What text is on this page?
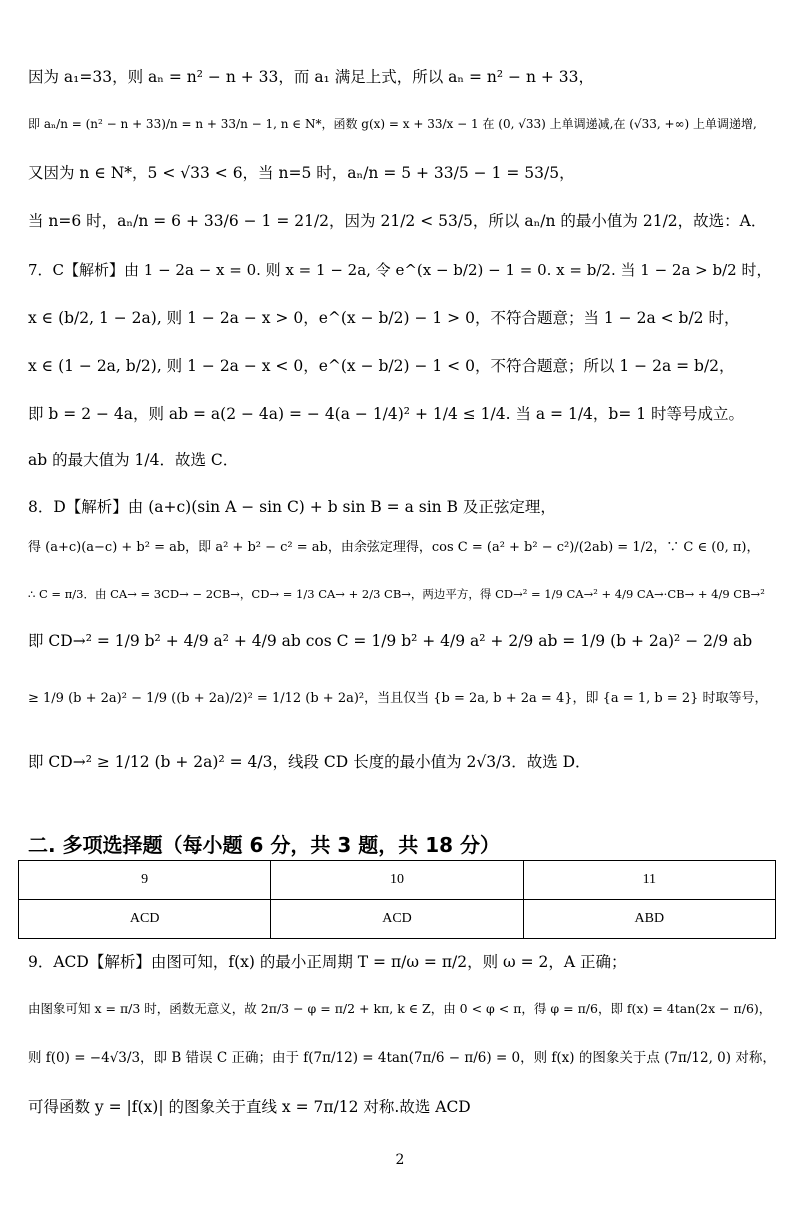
因为 a₁=33，则 aₙ = n² − n + 33，而 a₁ 满足上式，所以 aₙ = n² − n + 33，
即 aₙ/n = (n² − n + 33)/n = n + 33/n − 1, n ∈ N*，函数 g(x) = x + 33/x − 1 在 (0, √33) 上单调递减,在 (√33, +∞) 上单调递增,
又因为 n ∈ N*，5 < √33 < 6，当 n=5 时，aₙ/n = 5 + 33/5 − 1 = 53/5，
当 n=6 时，aₙ/n = 6 + 33/6 − 1 = 21/2，因为 21/2 < 53/5，所以 aₙ/n 的最小值为 21/2，故选：A．
7．C【解析】由 1 − 2a − x = 0. 则 x = 1 − 2a, 令 e^(x − b/2) − 1 = 0. x = b/2. 当 1 − 2a > b/2 时，
x ∈ (b/2, 1 − 2a), 则 1 − 2a − x > 0，e^(x − b/2) − 1 > 0，不符合题意；当 1 − 2a < b/2 时，
x ∈ (1 − 2a, b/2), 则 1 − 2a − x < 0，e^(x − b/2) − 1 < 0，不符合题意；所以 1 − 2a = b/2，
即 b = 2 − 4a，则 ab = a(2 − 4a) = − 4(a − 1/4)² + 1/4 ≤ 1/4. 当 a = 1/4，b= 1 时等号成立。
ab 的最大值为 1/4．故选 C．
8．D【解析】由 (a+c)(sin A − sin C) + b sin B = a sin B 及正弦定理，
得 (a+c)(a−c) + b² = ab，即 a² + b² − c² = ab，由余弦定理得，cos C = (a² + b² − c²)/(2ab) = 1/2，∵ C ∈ (0, π)，
∴ C = π/3．由 CA→ = 3CD→ − 2CB→，CD→ = 1/3 CA→ + 2/3 CB→，两边平方，得 CD→² = 1/9 CA→² + 4/9 CA→·CB→ + 4/9 CB→²
即 CD→² = 1/9 b² + 4/9 a² + 4/9 ab cos C = 1/9 b² + 4/9 a² + 2/9 ab = 1/9 (b + 2a)² − 2/9 ab
≥ 1/9 (b + 2a)² − 1/9 ((b + 2a)/2)² = 1/12 (b + 2a)²，当且仅当 {b = 2a, b + 2a = 4}，即 {a = 1, b = 2} 时取等号，
即 CD→² ≥ 1/12 (b + 2a)² = 4/3，线段 CD 长度的最小值为 2√3/3．故选 D．
二. 多项选择题（每小题 6 分，共 3 题，共 18 分）
9	10	11
ACD	ACD	ABD
9．ACD【解析】由图可知，f(x) 的最小正周期 T = π/ω = π/2，则 ω = 2，A 正确；
由图象可知 x = π/3 时，函数无意义，故 2π/3 − φ = π/2 + kπ, k ∈ Z，由 0 < φ < π，得 φ = π/6，即 f(x) = 4tan(2x − π/6)，
则 f(0) = −4√3/3，即 B 错误 C 正确；由于 f(7π/12) = 4tan(7π/6 − π/6) = 0，则 f(x) 的图象关于点 (7π/12, 0) 对称，
可得函数 y = |f(x)| 的图象关于直线 x = 7π/12 对称.故选 ACD
2
